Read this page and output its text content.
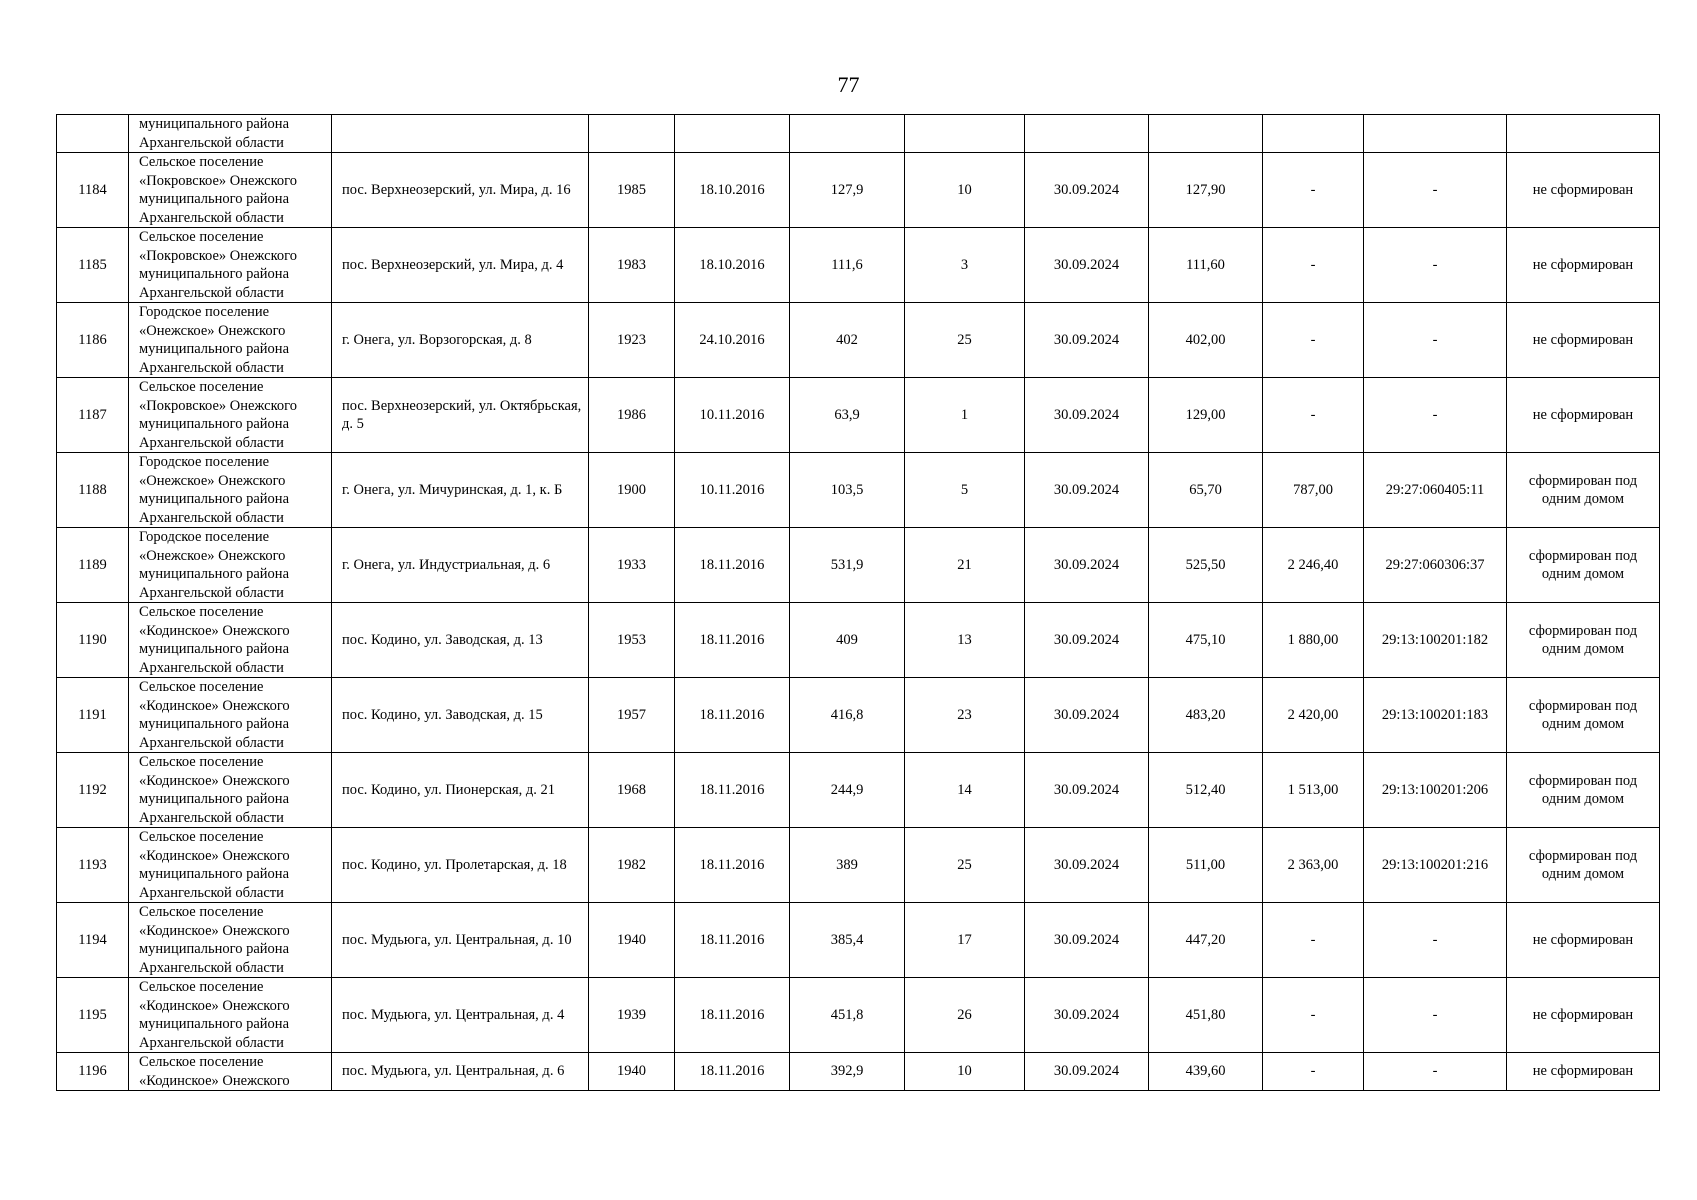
77

	муниципального района
Архангельской области										

1184	Сельское поселение
«Покровское» Онежского
муниципального района
Архангельской области	пос. Верхнеозерский, ул. Мира, д. 16	1985	18.10.2016	127,9	10	30.09.2024	127,90	-	-	не сформирован
1185	Сельское поселение
«Покровское» Онежского
муниципального района
Архангельской области	пос. Верхнеозерский, ул. Мира, д. 4	1983	18.10.2016	111,6	3	30.09.2024	111,60	-	-	не сформирован
1186	Городское поселение
«Онежское» Онежского
муниципального района
Архангельской области	г. Онега, ул. Ворзогорская, д. 8	1923	24.10.2016	402	25	30.09.2024	402,00	-	-	не сформирован
1187	Сельское поселение
«Покровское» Онежского
муниципального района
Архангельской области	пос. Верхнеозерский, ул. Октябрьская, д. 5	1986	10.11.2016	63,9	1	30.09.2024	129,00	-	-	не сформирован
1188	Городское поселение
«Онежское» Онежского
муниципального района
Архангельской области	г. Онега, ул. Мичуринская, д. 1, к. Б	1900	10.11.2016	103,5	5	30.09.2024	65,70	787,00	29:27:060405:11	сформирован под одним домом
1189	Городское поселение
«Онежское» Онежского
муниципального района
Архангельской области	г. Онега, ул. Индустриальная, д. 6	1933	18.11.2016	531,9	21	30.09.2024	525,50	2 246,40	29:27:060306:37	сформирован под одним домом
1190	Сельское поселение
«Кодинское» Онежского
муниципального района
Архангельской области	пос. Кодино, ул. Заводская, д. 13	1953	18.11.2016	409	13	30.09.2024	475,10	1 880,00	29:13:100201:182	сформирован под одним домом
1191	Сельское поселение
«Кодинское» Онежского
муниципального района
Архангельской области	пос. Кодино, ул. Заводская, д. 15	1957	18.11.2016	416,8	23	30.09.2024	483,20	2 420,00	29:13:100201:183	сформирован под одним домом
1192	Сельское поселение
«Кодинское» Онежского
муниципального района
Архангельской области	пос. Кодино, ул. Пионерская, д. 21	1968	18.11.2016	244,9	14	30.09.2024	512,40	1 513,00	29:13:100201:206	сформирован под одним домом
1193	Сельское поселение
«Кодинское» Онежского
муниципального района
Архангельской области	пос. Кодино, ул. Пролетарская, д. 18	1982	18.11.2016	389	25	30.09.2024	511,00	2 363,00	29:13:100201:216	сформирован под одним домом
1194	Сельское поселение
«Кодинское» Онежского
муниципального района
Архангельской области	пос. Мудьюга, ул. Центральная, д. 10	1940	18.11.2016	385,4	17	30.09.2024	447,20	-	-	не сформирован
1195	Сельское поселение
«Кодинское» Онежского
муниципального района
Архангельской области	пос. Мудьюга, ул. Центральная, д. 4	1939	18.11.2016	451,8	26	30.09.2024	451,80	-	-	не сформирован
1196	Сельское поселение
«Кодинское» Онежского	пос. Мудьюга, ул. Центральная, д. 6	1940	18.11.2016	392,9	10	30.09.2024	439,60	-	-	не сформирован
